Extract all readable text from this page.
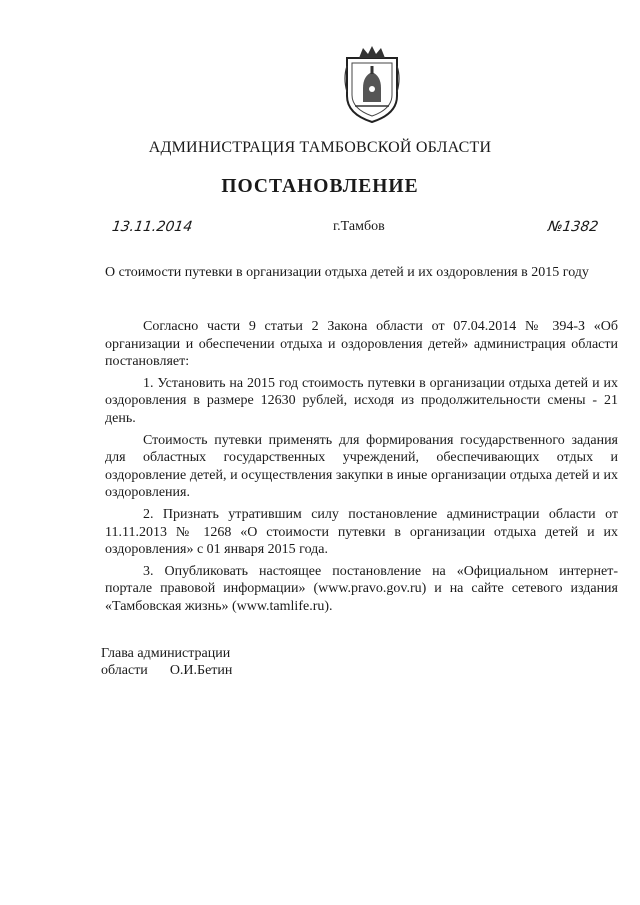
АДМИНИСТРАЦИЯ ТАМБОВСКОЙ ОБЛАСТИ
ПОСТАНОВЛЕНИЕ
13.11.2014	г.Тамбов	№1382
О стоимости путевки в организации отдыха детей и их оздоровления в 2015 году

Согласно части 9 статьи 2 Закона области от 07.04.2014 № 394-З «Об организации и обеспечении отдыха и оздоровления детей» администрация области постановляет:

1. Установить на 2015 год стоимость путевки в организации отдыха детей и их оздоровления в размере 12630 рублей, исходя из продолжительности смены - 21 день.

Стоимость путевки применять для формирования государственного задания для областных государственных учреждений, обеспечивающих отдых и оздоровление детей, и осуществления закупки в иные организации отдыха детей и их оздоровления.

2. Признать утратившим силу постановление администрации области от 11.11.2013 № 1268 «О стоимости путевки в организации отдыха детей и их оздоровления» с 01 января 2015 года.

3. Опубликовать настоящее постановление на «Официальном интернет-портале правовой информации» (www.pravo.gov.ru) и на сайте сетевого издания «Тамбовская жизнь» (www.tamlife.ru).

Глава администрации
области О.И.Бетин
